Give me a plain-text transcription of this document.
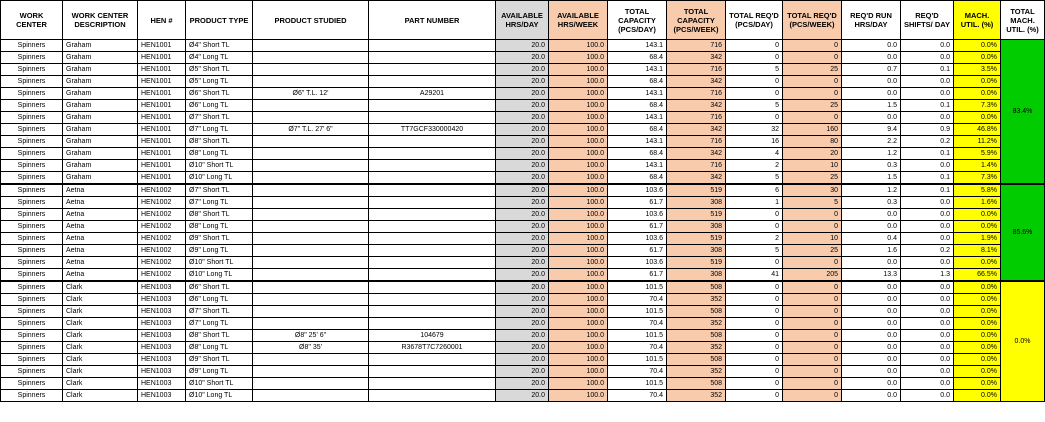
WORK CENTER	WORK CENTER DESCRIPTION	HEN #	PRODUCT TYPE	PRODUCT STUDIED	PART NUMBER	AVAILABLE HRS/DAY	AVAILABLE HRS/WEEK	TOTAL CAPACITY (PCS/DAY)	TOTAL CAPACITY (PCS/WEEK)	TOTAL REQ'D (PCS/DAY)	TOTAL REQ'D (PCS/WEEK)	REQ'D RUN HRS/DAY	REQ'D SHIFTS/ DAY	MACH. UTIL. (%)	TOTAL MACH. UTIL. (%)
Spinners	Graham	HEN1001	Ø4" Short TL			20.0	100.0	143.1	716	0	0	0.0	0.0	0.0%	83.4%
Spinners	Graham	HEN1001	Ø4" Long TL			20.0	100.0	68.4	342	0	0	0.0	0.0	0.0%	
Spinners	Graham	HEN1001	Ø5" Short TL			20.0	100.0	143.1	716	5	25	0.7	0.1	3.5%	
Spinners	Graham	HEN1001	Ø5" Long TL			20.0	100.0	68.4	342	0	0	0.0	0.0	0.0%	
Spinners	Graham	HEN1001	Ø6" Short TL	Ø6" T.L. 12'	A29201	20.0	100.0	143.1	716	0	0	0.0	0.0	0.0%	
Spinners	Graham	HEN1001	Ø6" Long TL			20.0	100.0	68.4	342	5	25	1.5	0.1	7.3%	
Spinners	Graham	HEN1001	Ø7" Short TL			20.0	100.0	143.1	716	0	0	0.0	0.0	0.0%	
Spinners	Graham	HEN1001	Ø7" Long TL	Ø7" T.L. 27' 6"	TT7GCF330000420	20.0	100.0	68.4	342	32	160	9.4	0.9	46.8%	
Spinners	Graham	HEN1001	Ø8" Short TL			20.0	100.0	143.1	716	16	80	2.2	0.2	11.2%	
Spinners	Graham	HEN1001	Ø8" Long TL			20.0	100.0	68.4	342	4	20	1.2	0.1	5.9%	
Spinners	Graham	HEN1001	Ø10" Short TL			20.0	100.0	143.1	716	2	10	0.3	0.0	1.4%	
Spinners	Graham	HEN1001	Ø10" Long TL			20.0	100.0	68.4	342	5	25	1.5	0.1	7.3%	
Spinners	Aetna	HEN1002	Ø7" Short TL			20.0	100.0	103.6	519	6	30	1.2	0.1	5.8%	85.6%
Spinners	Aetna	HEN1002	Ø7" Long TL			20.0	100.0	61.7	308	1	5	0.3	0.0	1.6%	
Spinners	Aetna	HEN1002	Ø8" Short TL			20.0	100.0	103.6	519	0	0	0.0	0.0	0.0%	
Spinners	Aetna	HEN1002	Ø8" Long TL			20.0	100.0	61.7	308	0	0	0.0	0.0	0.0%	
Spinners	Aetna	HEN1002	Ø9" Short TL			20.0	100.0	103.6	519	2	10	0.4	0.0	1.9%	
Spinners	Aetna	HEN1002	Ø9" Long TL			20.0	100.0	61.7	308	5	25	1.6	0.2	8.1%	
Spinners	Aetna	HEN1002	Ø10" Short TL			20.0	100.0	103.6	519	0	0	0.0	0.0	0.0%	
Spinners	Aetna	HEN1002	Ø10" Long TL			20.0	100.0	61.7	308	41	205	13.3	1.3	66.5%	
Spinners	Clark	HEN1003	Ø6" Short TL			20.0	100.0	101.5	508	0	0	0.0	0.0	0.0%	0.0%
Spinners	Clark	HEN1003	Ø6" Long TL			20.0	100.0	70.4	352	0	0	0.0	0.0	0.0%	
Spinners	Clark	HEN1003	Ø7" Short TL			20.0	100.0	101.5	508	0	0	0.0	0.0	0.0%	
Spinners	Clark	HEN1003	Ø7" Long TL			20.0	100.0	70.4	352	0	0	0.0	0.0	0.0%	
Spinners	Clark	HEN1003	Ø8" Short TL	Ø8" 25' 6"	104679	20.0	100.0	101.5	508	0	0	0.0	0.0	0.0%	
Spinners	Clark	HEN1003	Ø8" Long TL	Ø8" 35'	R3678T7C7260001	20.0	100.0	70.4	352	0	0	0.0	0.0	0.0%	
Spinners	Clark	HEN1003	Ø9" Short TL			20.0	100.0	101.5	508	0	0	0.0	0.0	0.0%	
Spinners	Clark	HEN1003	Ø9" Long TL			20.0	100.0	70.4	352	0	0	0.0	0.0	0.0%	
Spinners	Clark	HEN1003	Ø10" Short TL			20.0	100.0	101.5	508	0	0	0.0	0.0	0.0%	
Spinners	Clark	HEN1003	Ø10" Long TL			20.0	100.0	70.4	352	0	0	0.0	0.0	0.0%	
